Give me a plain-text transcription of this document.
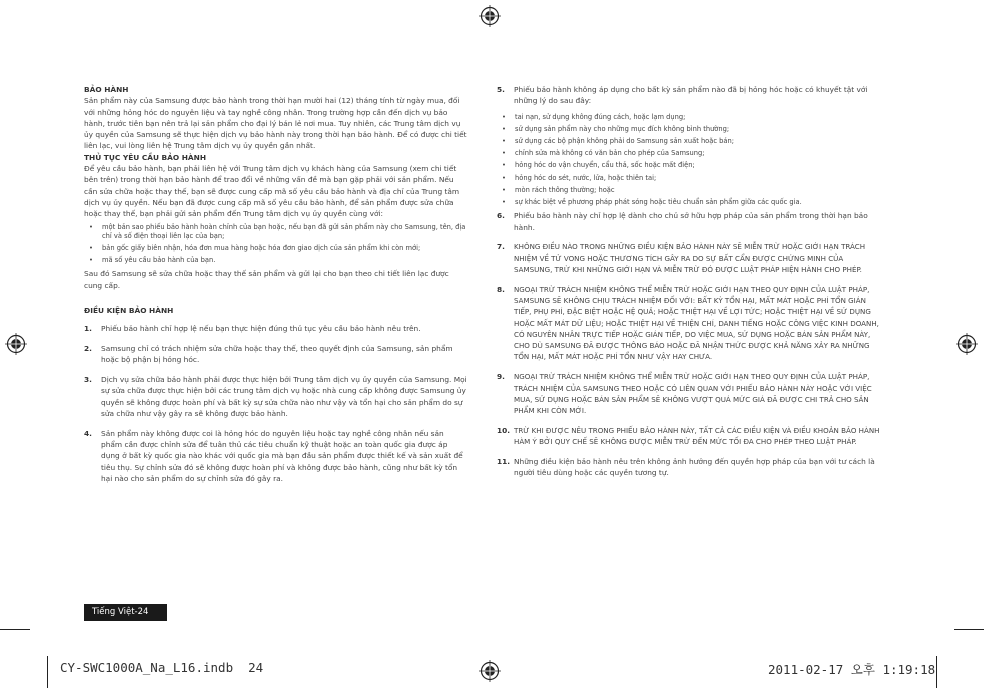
BẢO HÀNH

Sản phẩm này của Samsung được bảo hành trong thời hạn mười hai (12) tháng tính từ ngày mua, đối với những hỏng hóc do nguyên liệu và tay nghề công nhân. Trong trường hợp cần đến dịch vụ bảo hành, trước tiên bạn nên trả lại sản phẩm cho đại lý bán lẻ nơi mua. Tuy nhiên, các Trung tâm dịch vụ ủy quyền của Samsung sẽ thực hiện dịch vụ bảo hành này trong thời hạn bảo hành. Để có được chi tiết liên lạc, vui lòng liên hệ Trung tâm dịch vụ ủy quyền gần nhất.

THỦ TỤC YÊU CẦU BẢO HÀNH

Để yêu cầu bảo hành, bạn phải liên hệ với Trung tâm dịch vụ khách hàng của Samsung (xem chi tiết bên trên) trong thời hạn bảo hành để trao đổi về những vấn đề mà bạn gặp phải với sản phẩm. Nếu cần sửa chữa hoặc thay thế, bạn sẽ được cung cấp mã số yêu cầu bảo hành và địa chỉ của Trung tâm dịch vụ ủy quyền. Nếu bạn đã được cung cấp mã số yêu cầu bảo hành, để sản phẩm được sửa chữa hoặc thay thế, bạn phải gửi sản phẩm đến Trung tâm dịch vụ ủy quyền cùng với:

• một bản sao phiếu bảo hành hoàn chỉnh của bạn hoặc, nếu bạn đã gửi sản phẩm này cho Samsung, tên, địa chỉ và số điện thoại liên lạc của bạn;
• bản gốc giấy biên nhận, hóa đơn mua hàng hoặc hóa đơn giao dịch của sản phẩm khi còn mới;
• mã số yêu cầu bảo hành của bạn.

Sau đó Samsung sẽ sửa chữa hoặc thay thế sản phẩm và gửi lại cho bạn theo chi tiết liên lạc được cung cấp.

ĐIỀU KIỆN BẢO HÀNH

1. Phiếu bảo hành chỉ hợp lệ nếu bạn thực hiện đúng thủ tục yêu cầu bảo hành nêu trên.
2. Samsung chỉ có trách nhiệm sửa chữa hoặc thay thế, theo quyết định của Samsung, sản phẩm hoặc bộ phận bị hỏng hóc.
3. Dịch vụ sửa chữa bảo hành phải được thực hiện bởi Trung tâm dịch vụ ủy quyền của Samsung. Mọi sự sửa chữa được thực hiện bởi các trung tâm dịch vụ hoặc nhà cung cấp không được Samsung ủy quyền sẽ không được hoàn phí và bất kỳ sự sửa chữa nào như vậy và tổn hại cho sản phẩm do sự sửa chữa như vậy gây ra sẽ không được bảo hành.
4. Sản phẩm này không được coi là hỏng hóc do nguyên liệu hoặc tay nghề công nhân nếu sản phẩm cần được chỉnh sửa để tuân thủ các tiêu chuẩn kỹ thuật hoặc an toàn quốc gia được áp dụng ở bất kỳ quốc gia nào khác với quốc gia mà bạn đầu sản phẩm được thiết kế và sản xuất để tiêu thụ. Sự chỉnh sửa đó sẽ không được hoàn phí và không được bảo hành, cũng như bất kỳ tổn hại nào cho sản phẩm do sự chỉnh sửa đó gây ra.
5. Phiếu bảo hành không áp dụng cho bất kỳ sản phẩm nào đã bị hỏng hóc hoặc có khuyết tật với những lý do sau đây:
• tai nạn, sử dụng không đúng cách, hoặc lạm dụng;
• sử dụng sản phẩm này cho những mục đích không bình thường;
• sử dụng các bộ phận không phải do Samsung sản xuất hoặc bán;
• chỉnh sửa mà không có văn bản cho phép của Samsung;
• hỏng hóc do vận chuyển, cẩu thả, sốc hoặc mất điện;
• hỏng hóc do sét, nước, lửa, hoặc thiên tai;
• mòn rách thông thường; hoặc
• sự khác biệt về phương pháp phát sóng hoặc tiêu chuẩn sản phẩm giữa các quốc gia.
6. Phiếu bảo hành này chỉ hợp lệ dành cho chủ sở hữu hợp pháp của sản phẩm trong thời hạn bảo hành.
7. KHÔNG ĐIỀU NÀO TRONG NHỮNG ĐIỀU KIỆN BẢO HÀNH NÀY SẼ MIỄN TRỪ HOẶC GIỚI HẠN TRÁCH NHIỆM VỀ TỬ VONG HOẶC THƯƠNG TÍCH GÂY RA DO SỰ BẤT CẨN ĐƯỢC CHỨNG MINH CỦA SAMSUNG, TRỪ KHI NHỮNG GIỚI HẠN VÀ MIỄN TRỪ ĐÓ ĐƯỢC LUẬT PHÁP HIỆN HÀNH CHO PHÉP.
8. NGOẠI TRỪ TRÁCH NHIỆM KHÔNG THỂ MIỄN TRỪ HOẶC GIỚI HẠN THEO QUY ĐỊNH CỦA LUẬT PHÁP, SAMSUNG SẼ KHÔNG CHỊU TRÁCH NHIỆM ĐỐI VỚI: BẤT KỲ TỔN HẠI, MẤT MÁT HOẶC PHÍ TỔN GIÁN TIẾP, PHỤ PHÍ, ĐẶC BIỆT HOẶC HỆ QUẢ; HOẶC THIỆT HẠI VỀ LỢI TỨC; HOẶC THIỆT HẠI VỀ SỬ DỤNG HOẶC MẤT MÁT DỮ LIỆU; HOẶC THIỆT HẠI VỀ THIỆN CHÍ, DANH TIẾNG HOẶC CÔNG VIỆC KINH DOANH, CÓ NGUYÊN NHÂN TRỰC TIẾP HOẶC GIÁN TIẾP, DO VIỆC MUA, SỬ DỤNG HOẶC BÁN SẢN PHẨM NÀY, CHO DÙ SAMSUNG ĐÃ ĐƯỢC THÔNG BÁO HOẶC ĐÃ NHẬN THỨC ĐƯỢC KHẢ NĂNG XẢY RA NHỮNG TỔN HẠI, MẤT MÁT HOẶC PHÍ TỔN NHƯ VẬY HAY CHƯA.
9. NGOẠI TRỪ TRÁCH NHIỆM KHÔNG THỂ MIỄN TRỪ HOẶC GIỚI HẠN THEO QUY ĐỊNH CỦA LUẬT PHÁP, TRÁCH NHIỆM CỦA SAMSUNG THEO HOẶC CÓ LIÊN QUAN VỚI PHIẾU BẢO HÀNH NÀY HOẶC VỚI VIỆC MUA, SỬ DỤNG HOẶC BÁN SẢN PHẨM SẼ KHÔNG VƯỢT QUÁ MỨC GIÁ ĐÃ ĐƯỢC CHI TRẢ CHO SẢN PHẨM KHI CÒN MỚI.
10. TRỪ KHI ĐƯỢC NÊU TRONG PHIẾU BẢO HÀNH NÀY, TẤT CẢ CÁC ĐIỀU KIỆN VÀ ĐIỀU KHOẢN BẢO HÀNH HÀM Ý BỞI QUY CHẾ SẼ KHÔNG ĐƯỢC MIỄN TRỪ ĐẾN MỨC TỐI ĐA CHO PHÉP THEO LUẬT PHÁP.
11. Những điều kiện bảo hành nêu trên không ảnh hưởng đến quyền hợp pháp của bạn với tư cách là người tiêu dùng hoặc các quyền tương tự.
Tiếng Việt-24
CY-SWC1000A_Na_L16.indb 24	2011-02-17 오후 1:19:18
